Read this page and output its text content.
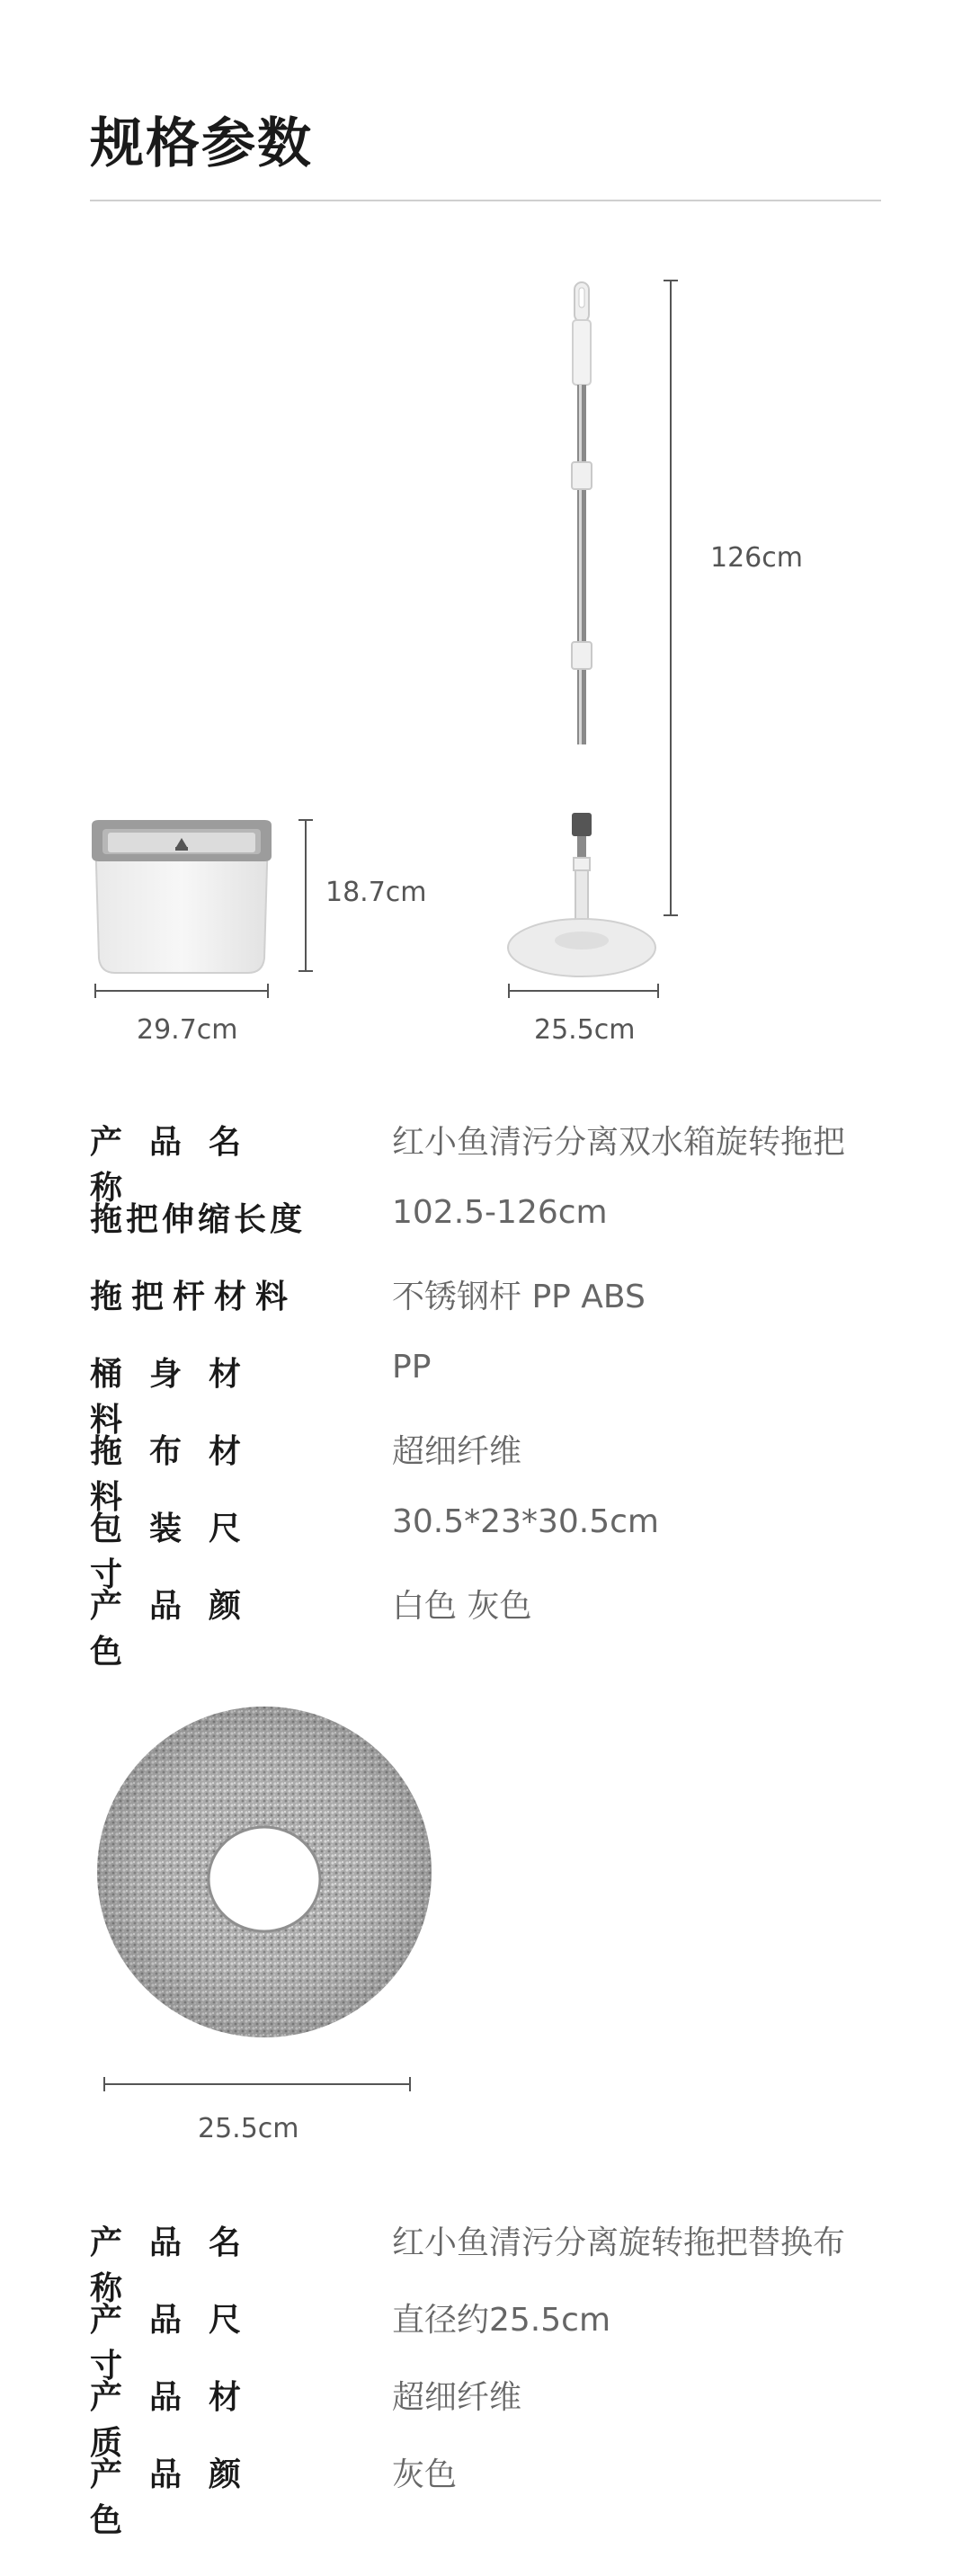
规格参数
18.7cm
29.7cm
126cm
25.5cm
产品名称
红小鱼清污分离双水箱旋转拖把
拖把伸缩长度	102.5-126cm
拖把杆材料	不锈钢杆 PP ABS
桶身材料
PP
拖布材料
超细纤维
包装尺寸
30.5*23*30.5cm
产品颜色
白色 灰色
25.5cm
产品名称
红小鱼清污分离旋转拖把替换布
产品尺寸
直径约25.5cm
产品材质
超细纤维
产品颜色
灰色
